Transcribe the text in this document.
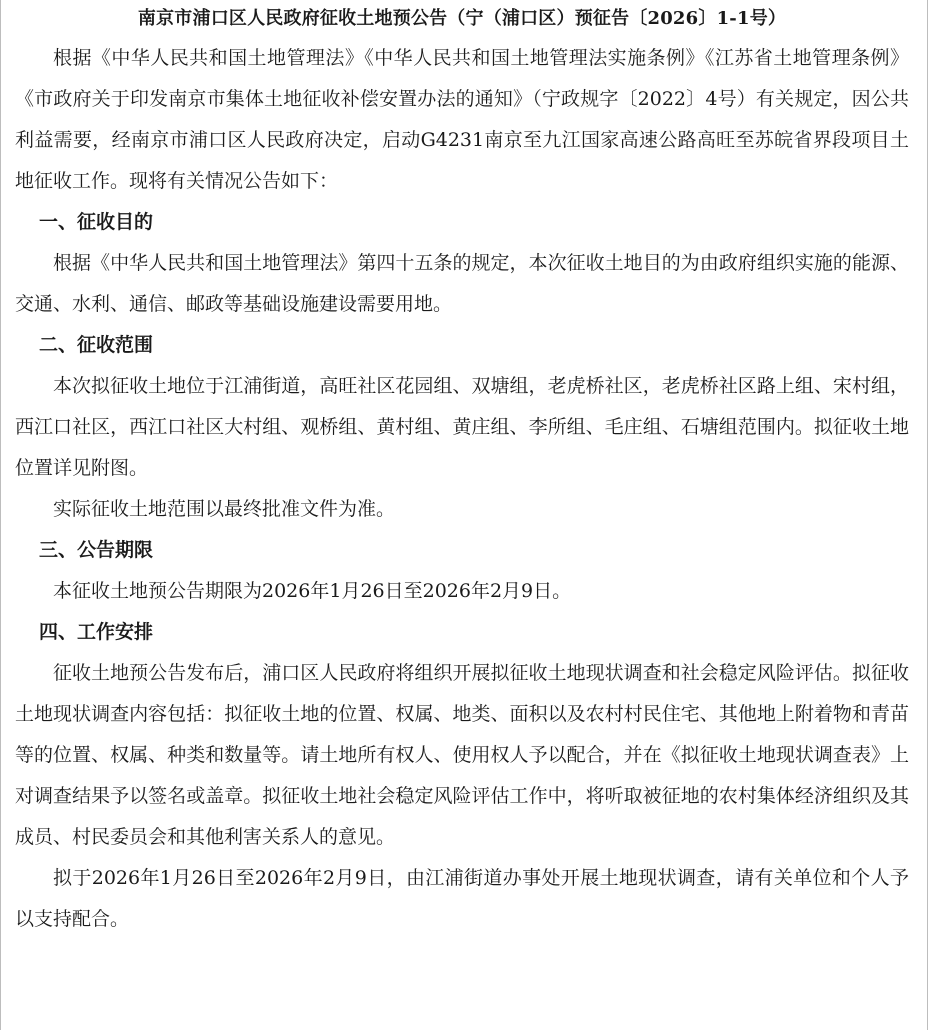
南京市浦口区人民政府征收土地预公告（宁（浦口区）预征告〔2026〕1-1号）

根据《中华人民共和国土地管理法》《中华人民共和国土地管理法实施条例》《江苏省土地管理条例》《市政府关于印发南京市集体土地征收补偿安置办法的通知》（宁政规字〔2022〕4号）有关规定，因公共利益需要，经南京市浦口区人民政府决定，启动G4231南京至九江国家高速公路高旺至苏皖省界段项目土地征收工作。现将有关情况公告如下：

一、征收目的

根据《中华人民共和国土地管理法》第四十五条的规定，本次征收土地目的为由政府组织实施的能源、交通、水利、通信、邮政等基础设施建设需要用地。

二、征收范围

本次拟征收土地位于江浦街道，高旺社区花园组、双塘组，老虎桥社区，老虎桥社区路上组、宋村组，西江口社区，西江口社区大村组、观桥组、黄村组、黄庄组、李所组、毛庄组、石塘组范围内。拟征收土地位置详见附图。

实际征收土地范围以最终批准文件为准。

三、公告期限

本征收土地预公告期限为2026年1月26日至2026年2月9日。

四、工作安排

征收土地预公告发布后，浦口区人民政府将组织开展拟征收土地现状调查和社会稳定风险评估。拟征收土地现状调查内容包括：拟征收土地的位置、权属、地类、面积以及农村村民住宅、其他地上附着物和青苗等的位置、权属、种类和数量等。请土地所有权人、使用权人予以配合，并在《拟征收土地现状调查表》上对调查结果予以签名或盖章。拟征收土地社会稳定风险评估工作中，将听取被征地的农村集体经济组织及其成员、村民委员会和其他利害关系人的意见。

拟于2026年1月26日至2026年2月9日，由江浦街道办事处开展土地现状调查，请有关单位和个人予以支持配合。
